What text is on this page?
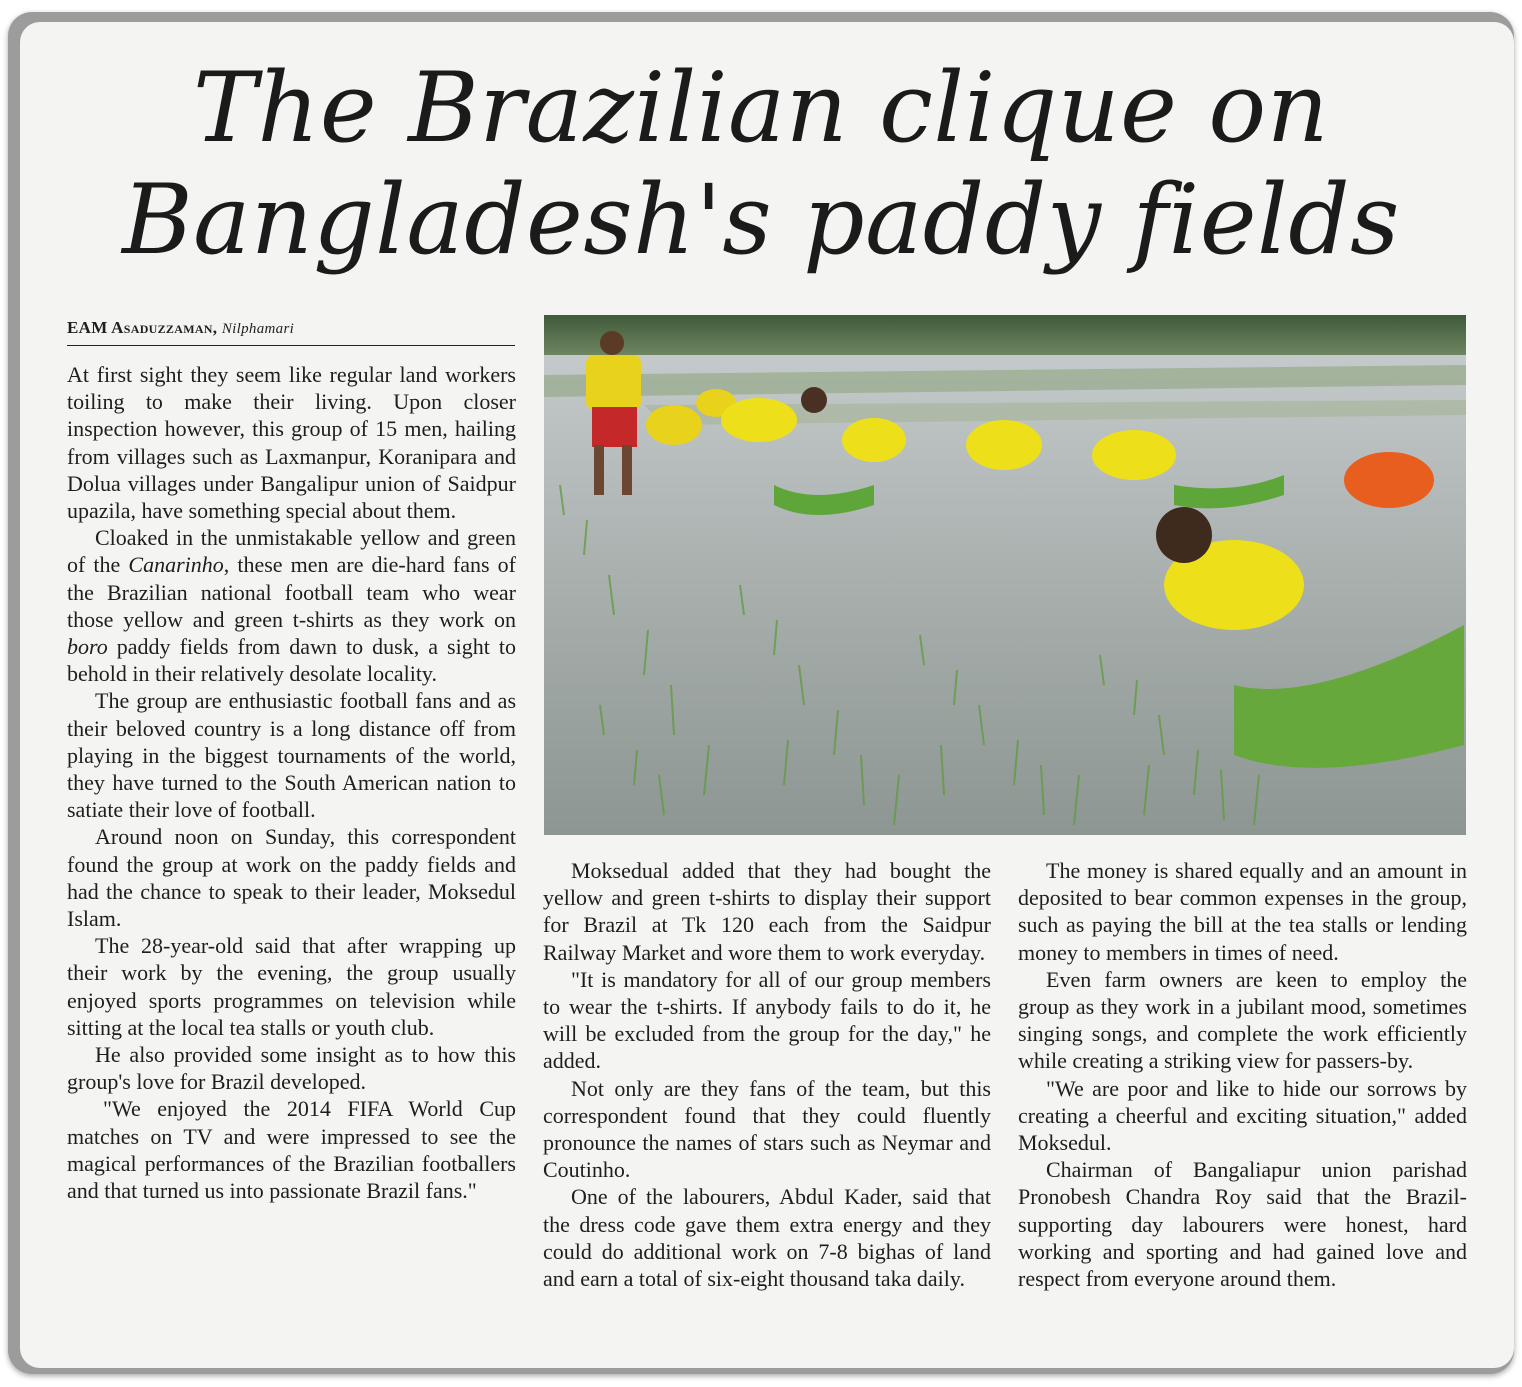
The Brazilian clique on
Bangladesh's paddy fields
EAM Asaduzzaman, Nilphamari

At first sight they seem like regular land workers toiling to make their living. Upon closer inspection however, this group of 15 men, hailing from villages such as Laxmanpur, Koranipara and Dolua villages under Bangalipur union of Saidpur upazila, have something special about them.

Cloaked in the unmistakable yellow and green of the Canarinho, these men are die-hard fans of the Brazilian national football team who wear those yellow and green t-shirts as they work on boro paddy fields from dawn to dusk, a sight to behold in their relatively desolate locality.

The group are enthusiastic football fans and as their beloved country is a long distance off from playing in the biggest tournaments of the world, they have turned to the South American nation to satiate their love of football.

Around noon on Sunday, this correspondent found the group at work on the paddy fields and had the chance to speak to their leader, Moksedul Islam.

The 28-year-old said that after wrapping up their work by the evening, the group usually enjoyed sports programmes on television while sitting at the local tea stalls or youth club.

He also provided some insight as to how this group's love for Brazil developed.

"We enjoyed the 2014 FIFA World Cup matches on TV and were impressed to see the magical performances of the Brazilian footballers and that turned us into passionate Brazil fans."

Moksedual added that they had bought the yellow and green t-shirts to display their support for Brazil at Tk 120 each from the Saidpur Railway Market and wore them to work everyday.

"It is mandatory for all of our group members to wear the t-shirts. If anybody fails to do it, he will be excluded from the group for the day," he added.

Not only are they fans of the team, but this correspondent found that they could fluently pronounce the names of stars such as Neymar and Coutinho.

One of the labourers, Abdul Kader, said that the dress code gave them extra energy and they could do additional work on 7-8 bighas of land and earn a total of six-eight thousand taka daily.

The money is shared equally and an amount in deposited to bear common expenses in the group, such as paying the bill at the tea stalls or lending money to members in times of need.

Even farm owners are keen to employ the group as they work in a jubilant mood, sometimes singing songs, and complete the work efficiently while creating a striking view for passers-by.

"We are poor and like to hide our sorrows by creating a cheerful and exciting situation," added Moksedul.

Chairman of Bangaliapur union parishad Pronobesh Chandra Roy said that the Brazil-supporting day labourers were honest, hard working and sporting and had gained love and respect from everyone around them.
